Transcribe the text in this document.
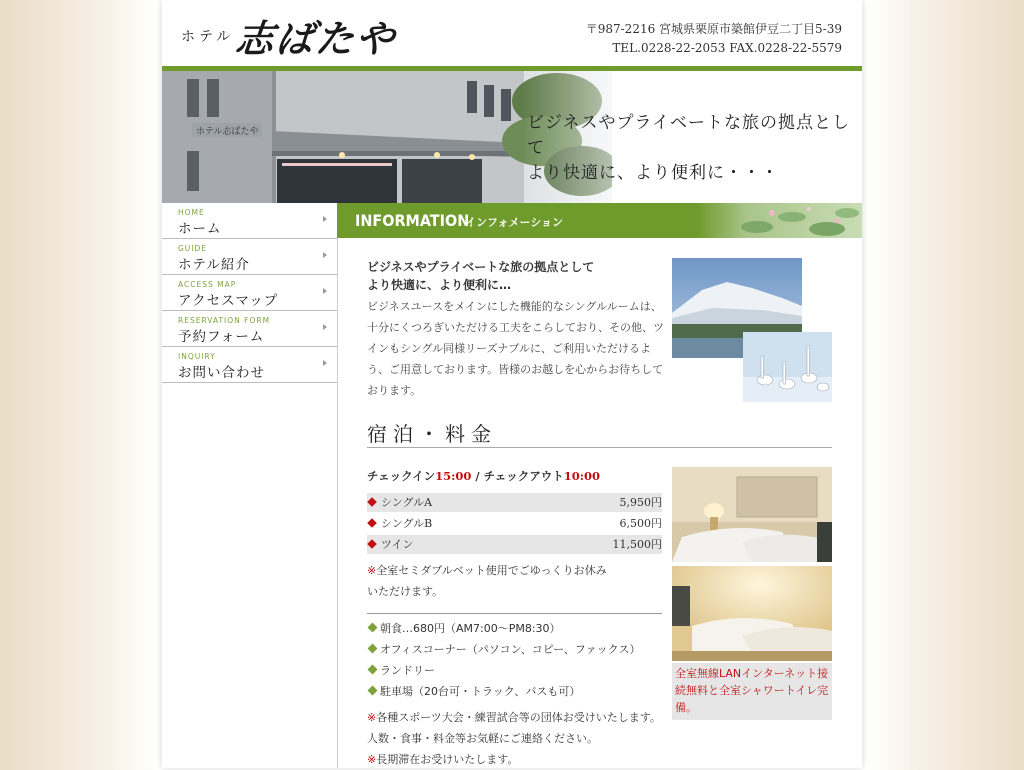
ホテル 志ばたや	〒987-2216 宮城県栗原市築館伊豆二丁目5-39
TEL.0228-22-2053 FAX.0228-22-5579
ホテル志ばたや	ビジネスやプライベートな旅の拠点として
より快適に、より便利に・・・
HOME
ホーム
GUIDE
ホテル紹介
ACCESS MAP
アクセスマップ
RESERVATION FORM
予約フォーム
INQUIRY
お問い合わせ
INFORMATION
インフォメーション
ビジネスやプライベートな旅の拠点として
より快適に、より便利に…
ビジネスユースをメインにした機能的なシングルルームは、十分にくつろぎいただける工夫をこらしており、その他、ツインもシングル同様リーズナブルに、ご利用いただけるよう、ご用意しております。皆様のお越しを心からお待ちしております。
宿泊・料金
チェックイン15:00 / チェックアウト10:00
シングルA	5,950円
シングルB	6,500円
ツイン	11,500円
※全室セミダブルベット使用でごゆっくりお休みいただけます。
朝食…680円（AM7:00〜PM8:30）
オフィスコーナー（パソコン、コピー、ファックス）
ランドリー
駐車場（20台可・トラック、バスも可）
※各種スポーツ大会・練習試合等の団体お受けいたします。人数・食事・料金等お気軽にご連絡ください。
※長期滞在お受けいたします。
全室無線LANインターネット接続無料と全室シャワートイレ完備。
